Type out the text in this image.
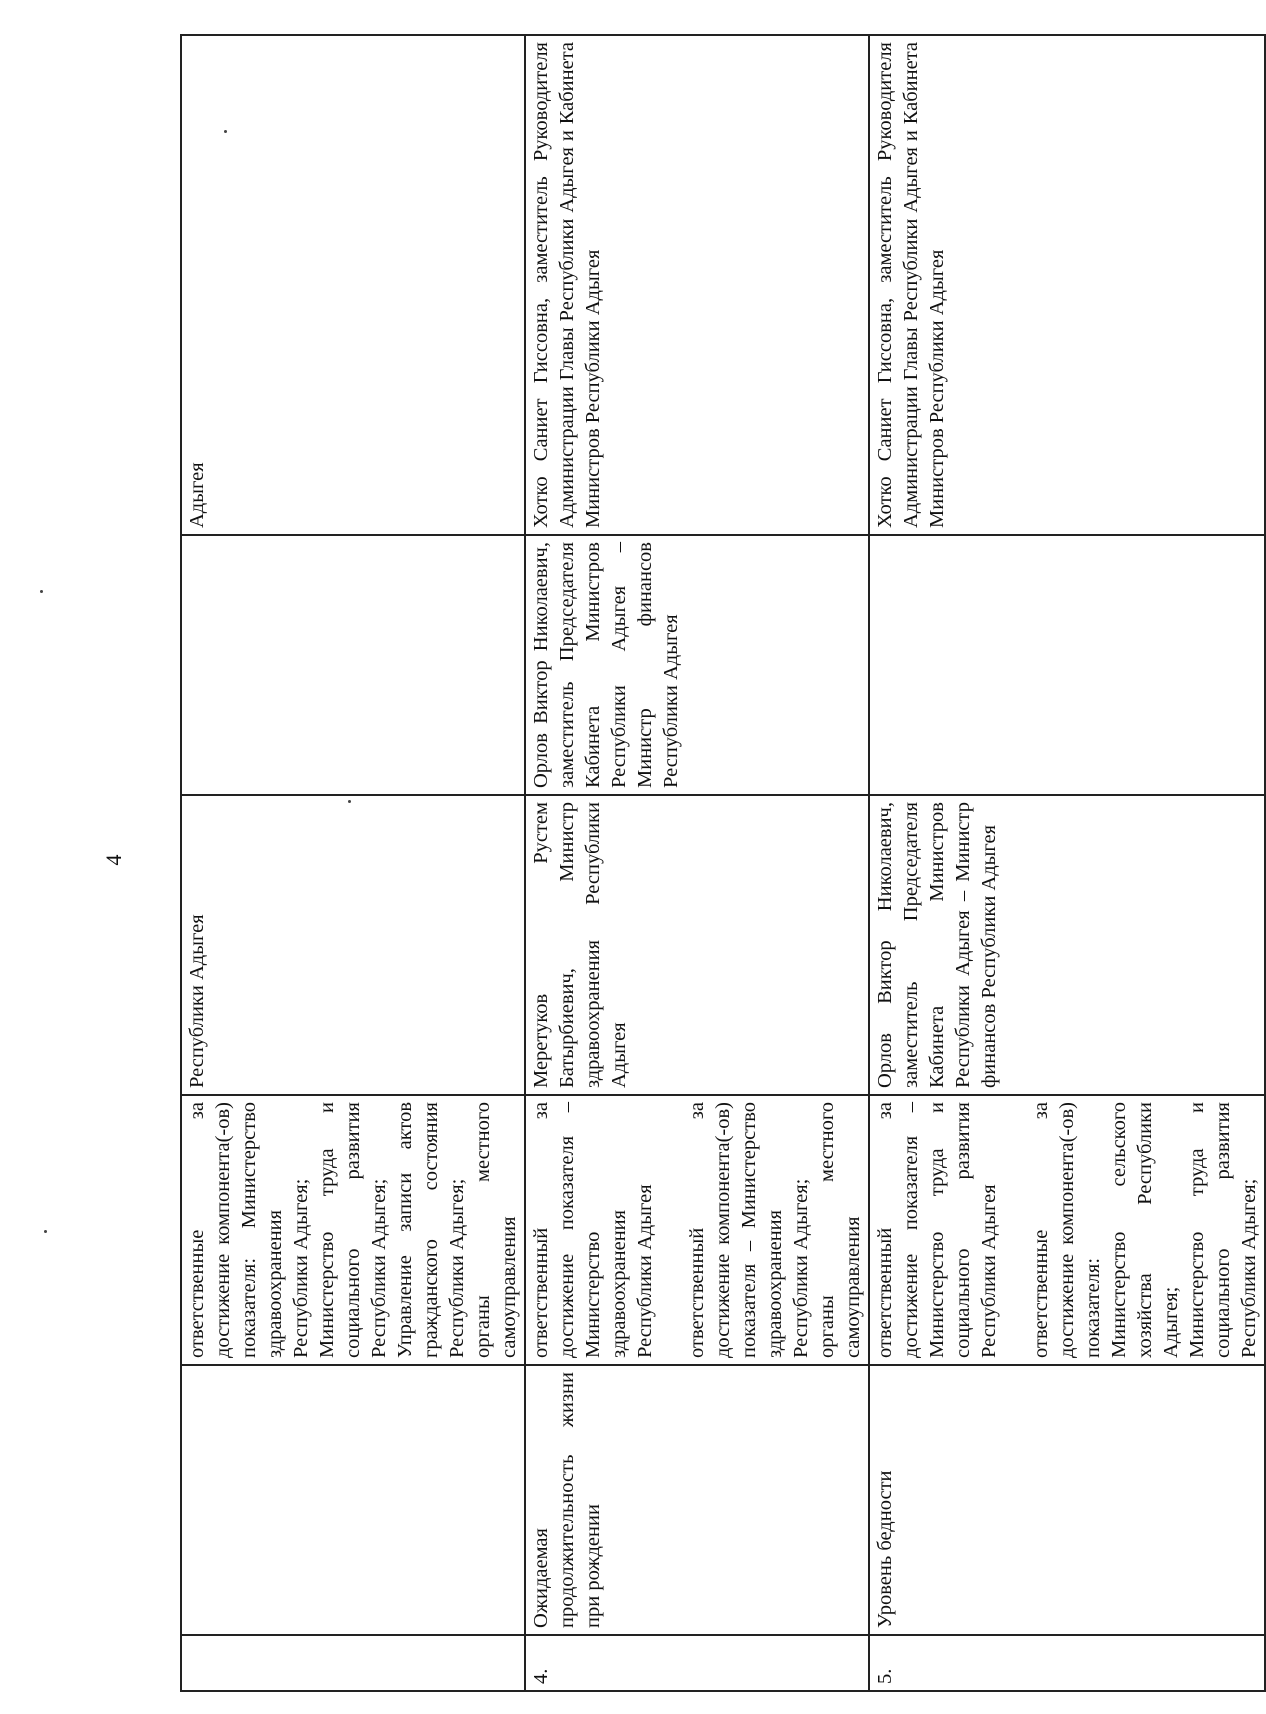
4

		ответственные за достижение компонента(-ов) показателя: Министерство здравоохранения Республики Адыгея; Министерство труда и социального развития Республики Адыгея; Управление записи актов гражданского состояния Республики Адыгея; органы местного самоуправления	Республики Адыгея		Адыгея
4.	Ожидаемая продолжительность жизни при рождении	ответственный за достижение показателя – Министерство здравоохранения Республики Адыгея ответственный за достижение компонента(-ов) показателя – Министерство здравоохранения Республики Адыгея; органы местного самоуправления	Меретуков Рустем Батырбиевич, Министр здравоохранения Республики Адыгея	Орлов Виктор Николаевич, заместитель Председателя Кабинета Министров Республики Адыгея – Министр финансов Республики Адыгея	Хотко Саниет Гиссовна, заместитель Руководителя Администрации Главы Республики Адыгея и Кабинета Министров Республики Адыгея
5.	Уровень бедности	ответственный за достижение показателя – Министерство труда и социального развития Республики Адыгея ответственные за достижение компонента(-ов) показателя: Министерство сельского хозяйства Республики Адыгея; Министерство труда и социального развития Республики Адыгея;	Орлов Виктор Николаевич, заместитель Председателя Кабинета Министров Республики Адыгея – Министр финансов Республики Адыгея		Хотко Саниет Гиссовна, заместитель Руководителя Администрации Главы Республики Адыгея и Кабинета Министров Республики Адыгея
